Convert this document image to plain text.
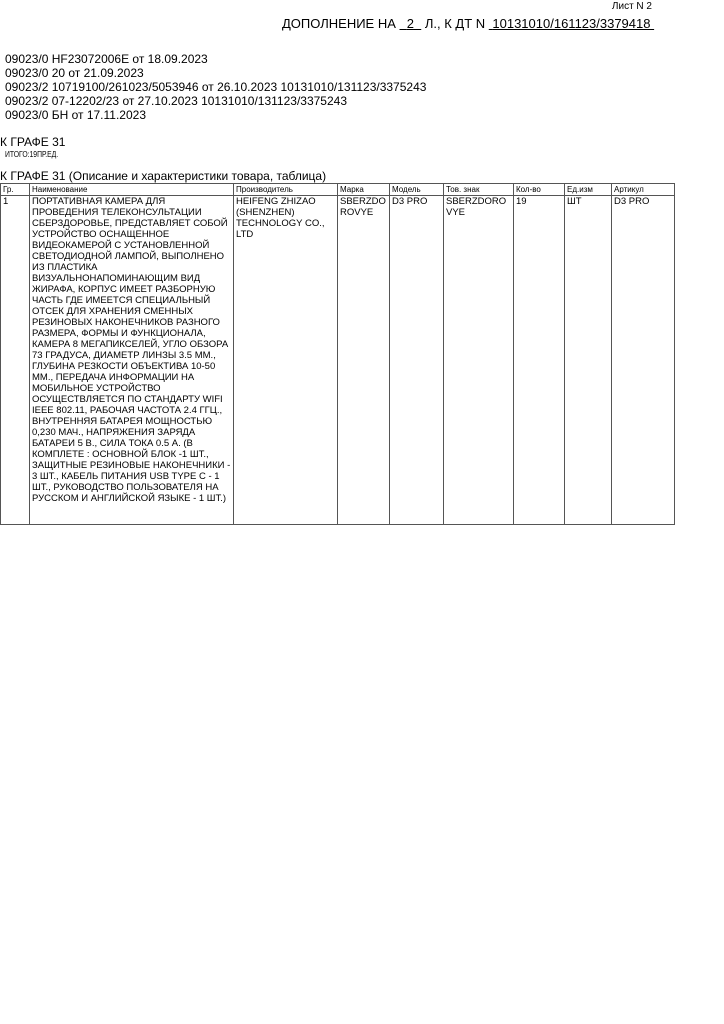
Лист N 2
ДОПОЛНЕНИЕ НА 2 Л., К ДТ N 10131010/161123/3379418
09023/0 HF23072006E от 18.09.2023
09023/0 20 от 21.09.2023
09023/2 10719100/261023/5053946 от 26.10.2023 10131010/131123/3375243
09023/2 07-12202/23 от 27.10.2023 10131010/131123/3375243
09023/0 БН от 17.11.2023
К ГРАФЕ 31
ИТОГО:19ПР.ЕД.
К ГРАФЕ 31 (Описание и характеристики товара, таблица)
Гр.	Наименование	Производитель	Марка	Модель	Тов. знак	Кол-во	Ед.изм	Артикул
1	ПОРТАТИВНАЯ КАМЕРА ДЛЯ ПРОВЕДЕНИЯ ТЕЛЕКОНСУЛЬТАЦИИ СБЕРЗДОРОВЬЕ, ПРЕДСТАВЛЯЕТ СОБОЙ УСТРОЙСТВО ОСНАЩЕННОЕ ВИДЕОКАМЕРОЙ С УСТАНОВЛЕННОЙ СВЕТОДИОДНОЙ ЛАМПОЙ, ВЫПОЛНЕНО ИЗ ПЛАСТИКА ВИЗУАЛЬНОНАПОМИНАЮЩИМ ВИД ЖИРАФА, КОРПУС ИМЕЕТ РАЗБОРНУЮ ЧАСТЬ ГДЕ ИМЕЕТСЯ СПЕЦИАЛЬНЫЙ ОТСЕК ДЛЯ ХРАНЕНИЯ СМЕННЫХ РЕЗИНОВЫХ НАКОНЕЧНИКОВ РАЗНОГО РАЗМЕРА, ФОРМЫ И ФУНКЦИОНАЛА, КАМЕРА 8 МЕГАПИКСЕЛЕЙ, УГЛО ОБЗОРА 73 ГРАДУСА, ДИАМЕТР ЛИНЗЫ 3.5 ММ., ГЛУБИНА РЕЗКОСТИ ОБЪЕКТИВА 10-50 ММ., ПЕРЕДАЧА ИНФОРМАЦИИ НА МОБИЛЬНОЕ УСТРОЙСТВО ОСУЩЕСТВЛЯЕТСЯ ПО СТАНДАРТУ WIFI IEEE 802.11, РАБОЧАЯ ЧАСТОТА 2.4 ГГЦ., ВНУТРЕННЯЯ БАТАРЕЯ МОЩНОСТЬЮ 0,230 МАЧ., НАПРЯЖЕНИЯ ЗАРЯДА БАТАРЕИ 5 В., СИЛА ТОКА 0.5 А. (В КОМПЛЕТЕ : ОСНОВНОЙ БЛОК -1 ШТ., ЗАЩИТНЫЕ РЕЗИНОВЫЕ НАКОНЕЧНИКИ - 3 ШТ., КАБЕЛЬ ПИТАНИЯ USB TYPE C - 1 ШТ., РУКОВОДСТВО ПОЛЬЗОВАТЕЛЯ НА РУССКОМ И АНГЛИЙСКОЙ ЯЗЫКЕ - 1 ШТ.)	HEIFENG ZHIZAO (SHENZHEN) TECHNOLOGY CO., LTD	SBERZDOROVYE	D3 PRO	SBERZDOROVYE	19	ШТ	D3 PRO
